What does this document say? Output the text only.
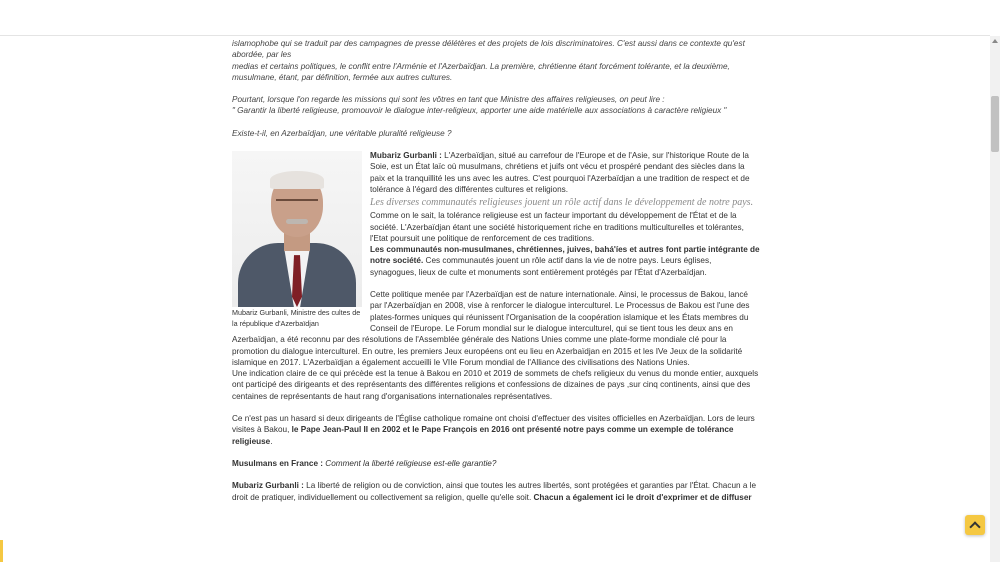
islamophobe qui se traduit par des campagnes de presse délétères et des projets de lois discriminatoires. C'est aussi dans ce contexte qu'est abordée, par les

medias et certains politiques, le conflit entre l'Arménie et l'Azerbaïdjan. La première, chrétienne étant forcément tolérante, et la deuxième, musulmane, étant, par définition, fermée aux autres cultures.

Pourtant, lorsque l'on regarde les missions qui sont les vôtres en tant que Ministre des affaires religieuses, on peut lire :

" Garantir la liberté religieuse, promouvoir le dialogue inter-religieux, apporter une aide matérielle aux associations à caractère religieux "

Existe-t-il, en Azerbaïdjan, une véritable pluralité religieuse ?

Mubariz Gurbanli, Ministre des cultes de la république d'Azerbaïdjan

Mubariz Gurbanli : L'Azerbaïdjan, situé au carrefour de l'Europe et de l'Asie, sur l'historique Route de la Soie, est un État laïc où musulmans, chrétiens et juifs ont vécu et prospéré pendant des siècles dans la paix et la tranquillité les uns avec les autres. C'est pourquoi l'Azerbaïdjan a une tradition de respect et de tolérance à l'égard des différentes cultures et religions.

Les diverses communautés religieuses jouent un rôle actif dans le développement de notre pays.

Comme on le sait, la tolérance religieuse est un facteur important du développement de l'État et de la société. L'Azerbaïdjan étant une société historiquement riche en traditions multiculturelles et tolérantes, l'Etat poursuit une politique de renforcement de ces traditions.
Les communautés non-musulmanes, chrétiennes, juives, bahá'íes et autres font partie intégrante de notre société. Ces communautés jouent un rôle actif dans la vie de notre pays. Leurs églises, synagogues, lieux de culte et monuments sont entièrement protégés par l'État d'Azerbaïdjan.

Cette politique menée par l'Azerbaïdjan est de nature internationale. Ainsi, le processus de Bakou, lancé par l'Azerbaïdjan en 2008, vise à renforcer le dialogue interculturel. Le Processus de Bakou est l'une des plates-formes uniques qui réunissent l'Organisation de la coopération islamique et les États membres du Conseil de l'Europe. Le Forum mondial sur le dialogue interculturel, qui se tient tous les deux ans en Azerbaïdjan, a été reconnu par des résolutions de l'Assemblée générale des Nations Unies comme une plate-forme mondiale clé pour la promotion du dialogue interculturel. En outre, les premiers Jeux européens ont eu lieu en Azerbaïdjan en 2015 et les IVe Jeux de la solidarité islamique en 2017. L'Azerbaïdjan a également accueilli le VIIe Forum mondial de l'Alliance des civilisations des Nations Unies.

Une indication claire de ce qui précède est la tenue à Bakou en 2010 et 2019 de sommets de chefs religieux du venus du monde entier, auxquels ont participé des dirigeants et des représentants des différentes religions et confessions de dizaines de pays ,sur cinq continents, ainsi que des centaines de représentants de haut rang d'organisations internationales représentatives.

Ce n'est pas un hasard si deux dirigeants de l'Église catholique romaine ont choisi d'effectuer des visites officielles en Azerbaïdjan. Lors de leurs visites à Bakou, le Pape Jean-Paul II en 2002 et le Pape François en 2016 ont présenté notre pays comme un exemple de tolérance religieuse.

Musulmans en France : Comment la liberté religieuse est-elle garantie?

Mubariz Gurbanli : La liberté de religion ou de conviction, ainsi que toutes les autres libertés, sont protégées et garanties par l'État. Chacun a le droit de pratiquer, individuellement ou collectivement sa religion, quelle qu'elle soit. Chacun a également ici le droit d'exprimer et de diffuser
